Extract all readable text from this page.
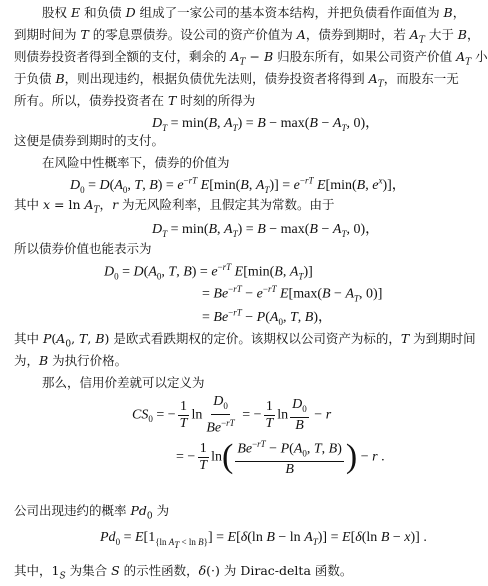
股权 E 和负债 D 组成了一家公司的基本资本结构，并把负债看作面值为 B，
到期时间为 T 的零息票债券。设公司的资产价值为 A，债券到期时，若 $A_T$ 大于 B，
则债券投资者得到全额的支付，剩余的 $A_T - B$ 归股东所有，如果公司资产价值 $A_T$ 小
于负债 B，则出现违约，根据负债优先法则，债券投资者将得到 $A_T$，而股东一无
所有。所以，债券投资者在 T 时刻的所得为
$D_T = \min(B$, $A_T) = B - \max(B - A_T$, 0)，
这便是债券到期时的支付。
在风险中性概率下，债券的价值为
$D_0 = D(A_0$, T, $B) = e^{-rT}$ E[min(B, $A_T)] = e^{-rT}$ E[min(B, $e^x$)]，
其中 $x = \ln A_T$，r 为无风险利率，且假定其为常数。由于
$D_T = \min(B$, $A_T) = B - \max(B - A_T$, 0)，
所以债券价值也能表示为
$D_0 = D(A_0$, T, $B) = e^{-rT}$ E[min(B, $A_T$)]
= $Be^{-rT} - e^{-rT}$ $E[\max(B - A_T$, 0)]
= $Be^{-rT} - P(A_0$, T, B)，
其中 $P(A_0$, T, B) 是欧式看跌期权的定价。该期权以公司资产为标的，T 为到期时间
为，B 为执行价格。
那么，信用价差就可以定义为
$CS_0$ = − $\frac{1}{T}$ $\ln \frac{D_0}{Be^{-rT}}$ = − $\frac{1}{T}$ $\ln \frac{D_0}{B} - r$
= − $\frac{1}{T} \ln( \frac{Be^{-rT} - P(A_0, T, B)}{B}$ ) − r .
公司出现违约的概率 $Pd_0$ 为
$Pd_0 = E[1_{\{ln A_T < ln B\}}] = E[\delta(\ln$ $B - \ln A_T)] = E[\delta(\ln$ B − x)] .
其中，$1_S$ 为集合 S 的示性函数，δ(·) 为 Dirac-delta 函数。
